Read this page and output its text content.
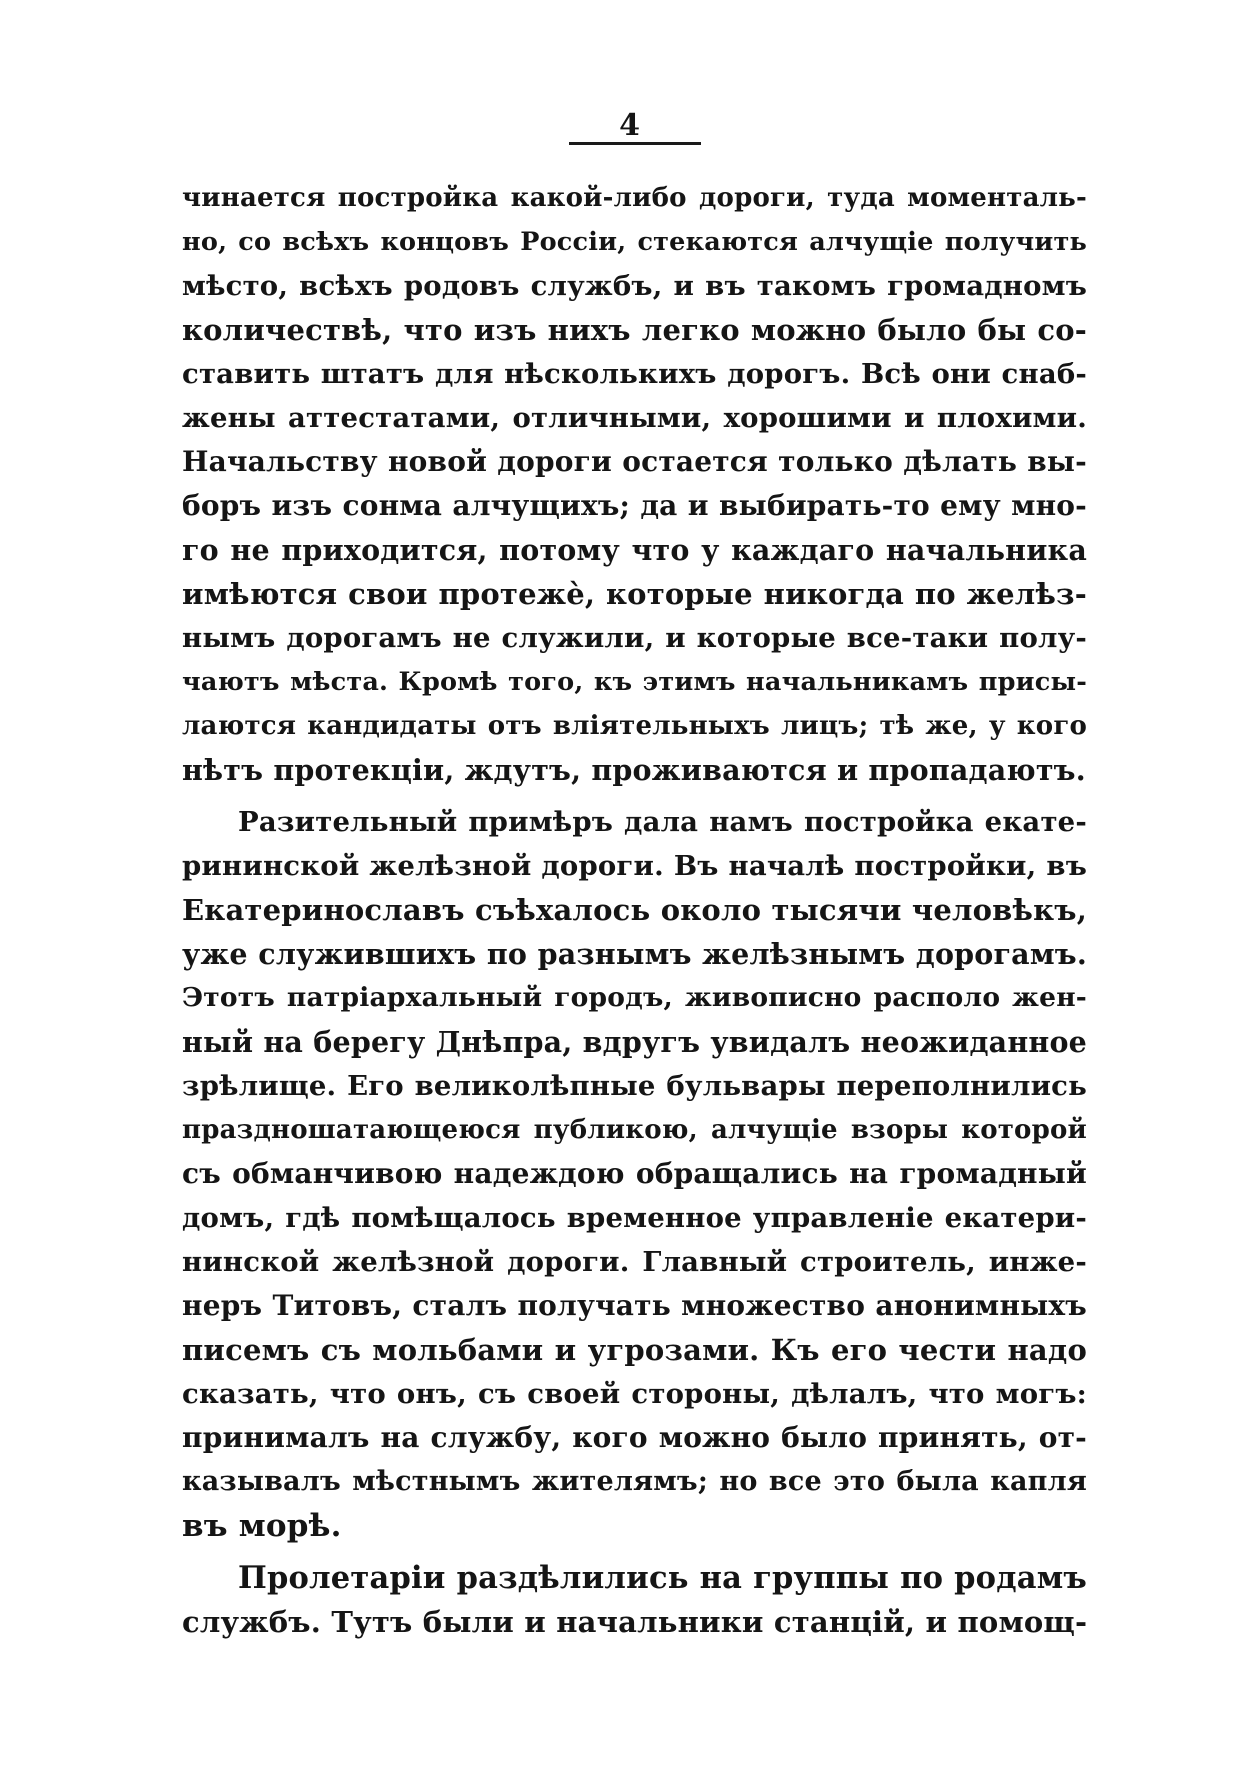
4
чинается постройка какой-либо дороги, туда моменталь-
но, со всѣхъ концовъ Россіи, стекаются алчущіе получить
мѣсто, всѣхъ родовъ службъ, и въ такомъ громадномъ
количествѣ, что изъ нихъ легко можно было бы со-
ставить штатъ для нѣсколькихъ дорогъ. Всѣ они снаб-
жены аттестатами, отличными, хорошими и плохими.
Начальству новой дороги остается только дѣлать вы-
боръ изъ сонма алчущихъ; да и выбирать-то ему мно-
го не приходится, потому что у каждаго начальника
имѣются свои протежѐ, которые никогда по желѣз-
нымъ дорогамъ не служили, и которые все-таки полу-
чаютъ мѣста. Кромѣ того, къ этимъ начальникамъ присы-
лаются кандидаты отъ вліятельныхъ лицъ; тѣ же, у кого
нѣтъ протекціи, ждутъ, проживаются и пропадаютъ.
Разительный примѣръ дала намъ постройка екате-
рининской желѣзной дороги. Въ началѣ постройки, въ
Екатеринославъ съѣхалось около тысячи человѣкъ,
уже служившихъ по разнымъ желѣзнымъ дорогамъ.
Этотъ патріархальный городъ, живописно располо жен-
ный на берегу Днѣпра, вдругъ увидалъ неожиданное
зрѣлище. Его великолѣпные бульвары переполнились
праздношатающеюся публикою, алчущіе взоры которой
съ обманчивою надеждою обращались на громадный
домъ, гдѣ помѣщалось временное управленіе екатери-
нинской желѣзной дороги. Главный строитель, инже-
неръ Титовъ, сталъ получать множество анонимныхъ
писемъ съ мольбами и угрозами. Къ его чести надо
сказать, что онъ, съ своей стороны, дѣлалъ, что могъ:
принималъ на службу, кого можно было принять, от-
казывалъ мѣстнымъ жителямъ; но все это была капля
въ морѣ.
Пролетаріи раздѣлились на группы по родамъ
службъ. Тутъ были и начальники станцій, и помощ-
